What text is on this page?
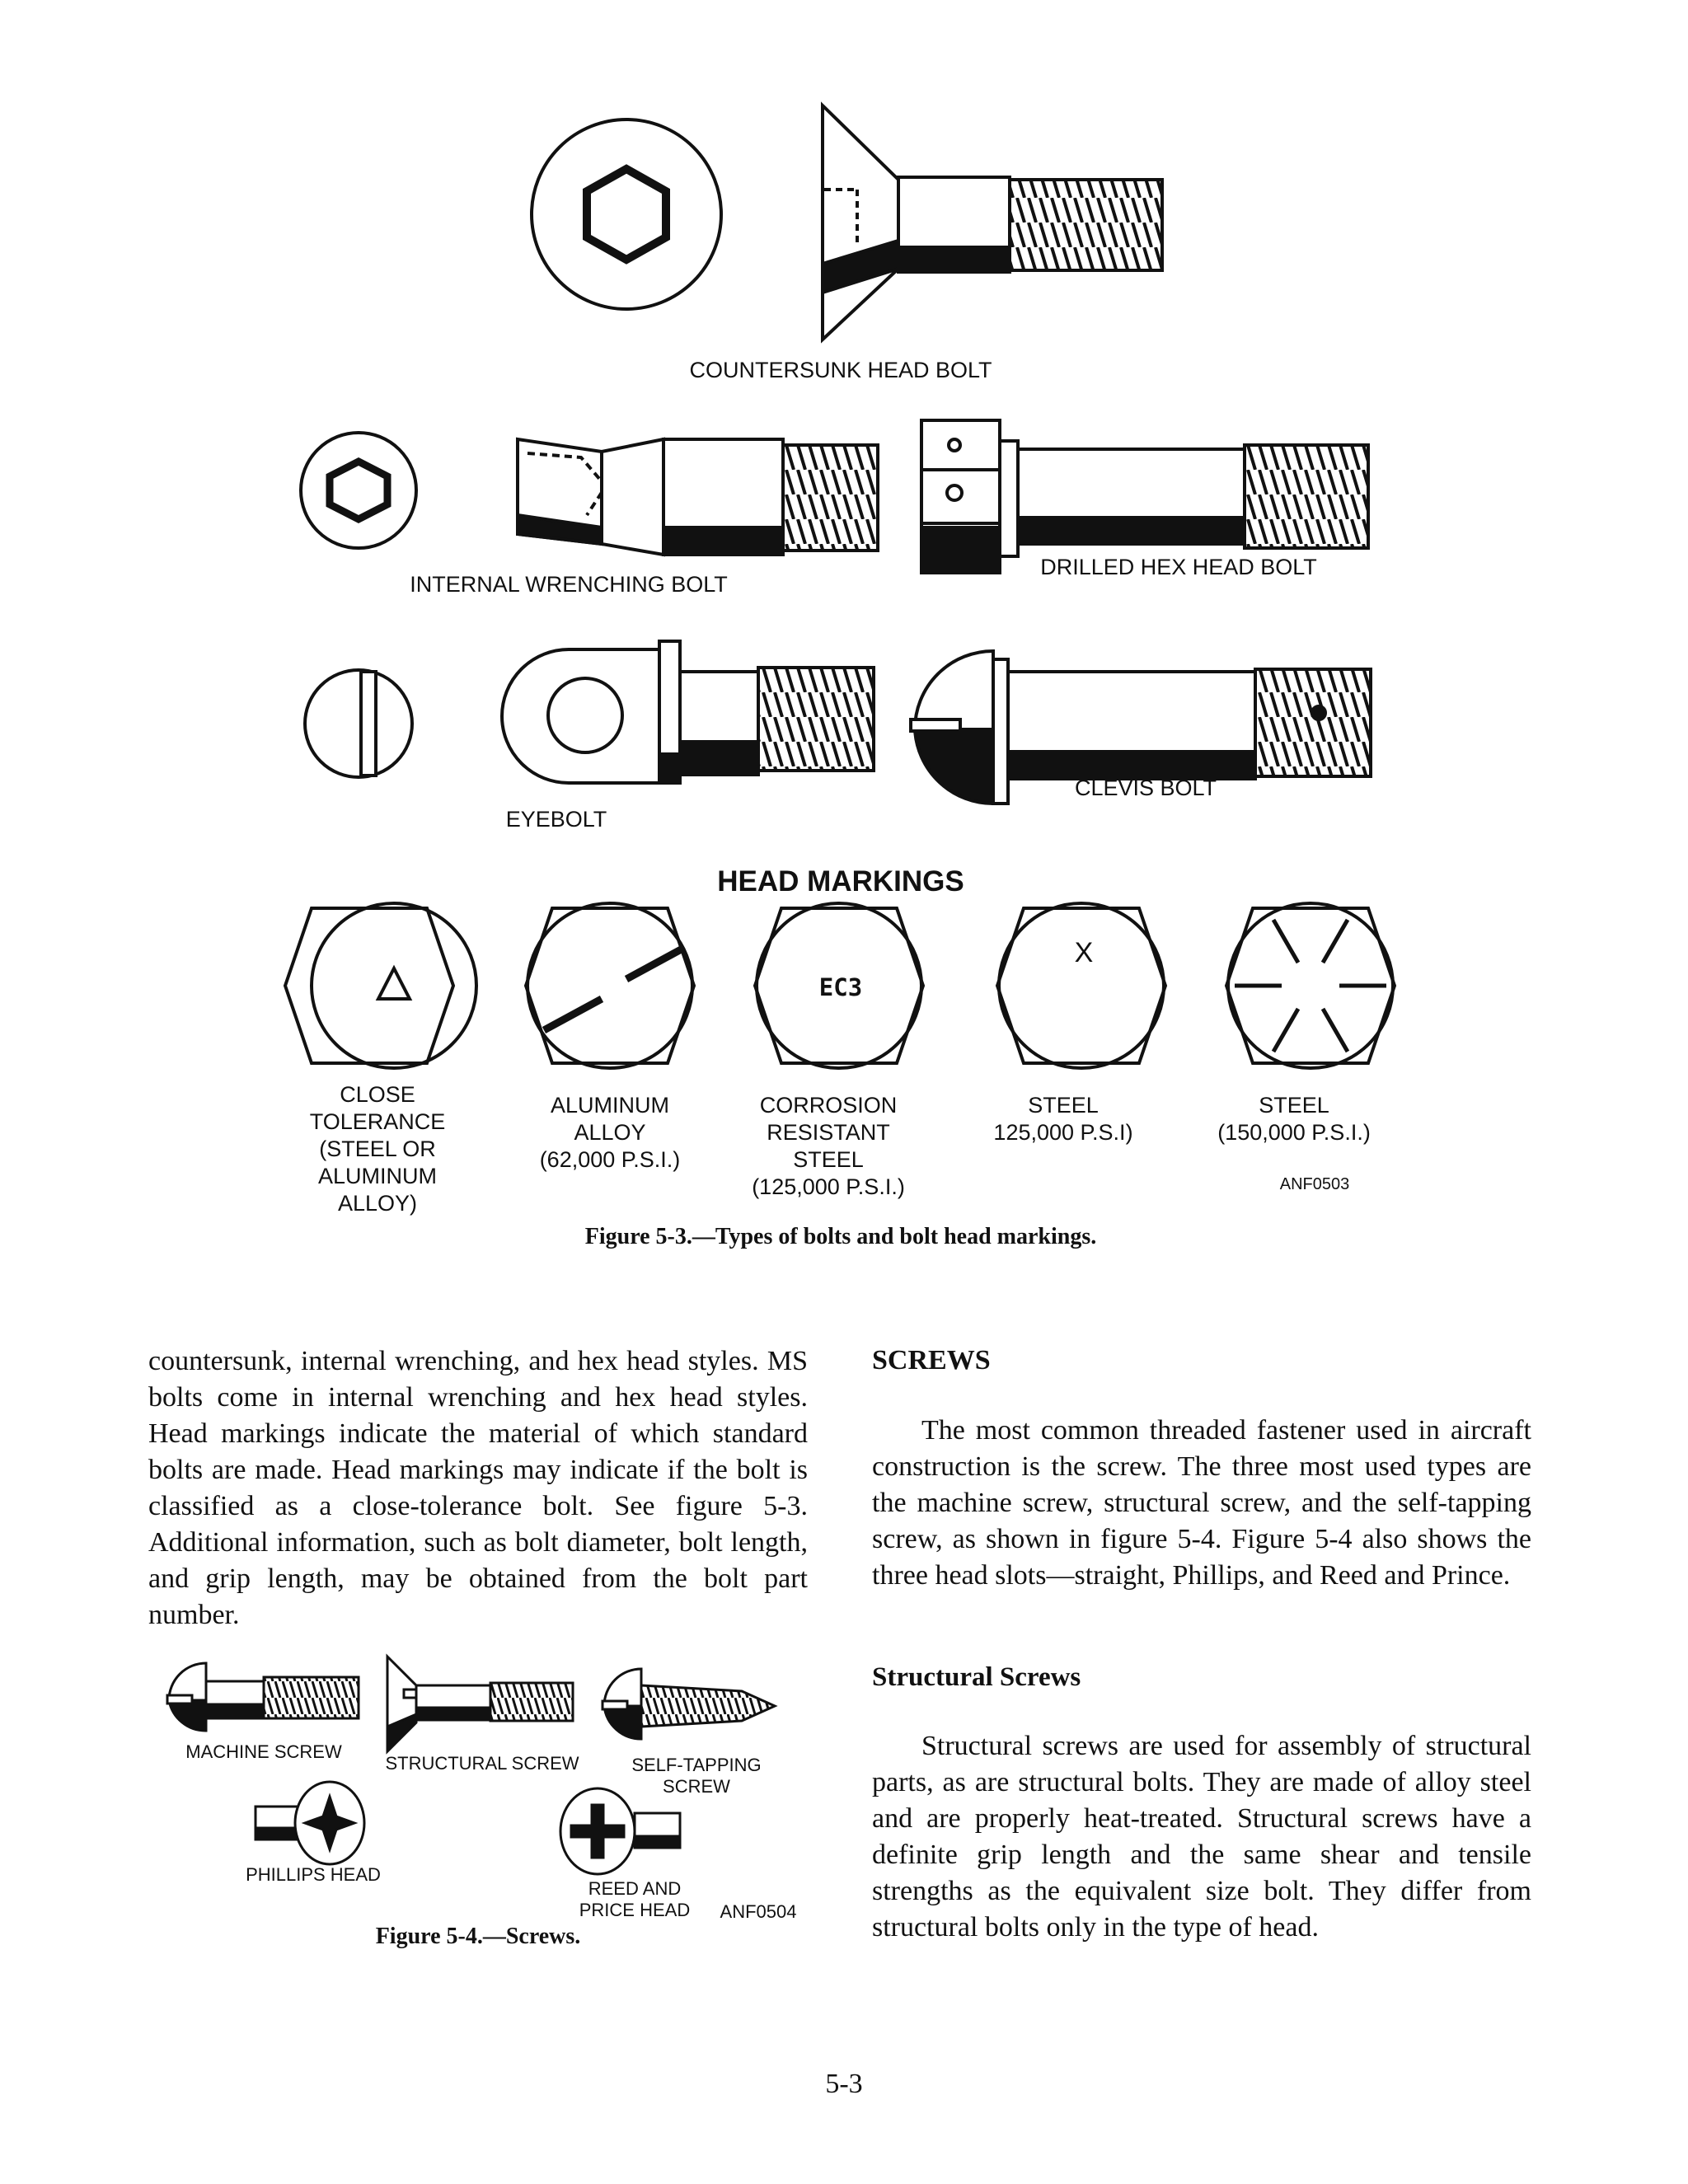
COUNTERSUNK HEAD BOLT
INTERNAL WRENCHING BOLT
DRILLED HEX HEAD BOLT
EYEBOLT
CLEVIS BOLT
HEAD MARKINGS
EC3
X
CLOSE
TOLERANCE
(STEEL OR
ALUMINUM
ALLOY)
ALUMINUM
ALLOY
(62,000 P.S.I.)
CORROSION
RESISTANT
STEEL
(125,000 P.S.I.)
STEEL
125,000 P.S.I)
STEEL
(150,000 P.S.I.)
ANF0503
Figure 5-3.—Types of bolts and bolt head markings.

countersunk, internal wrenching, and hex head styles. MS bolts come in internal wrenching and hex head styles. Head markings indicate the material of which standard bolts are made. Head markings may indicate if the bolt is classified as a close-tolerance bolt. See figure 5-3. Additional information, such as bolt diameter, bolt length, and grip length, may be obtained from the bolt part number.

MACHINE SCREW
STRUCTURAL SCREW	SELF-TAPPING
SCREW
PHILLIPS HEAD
REED AND
PRICE HEAD	ANF0504
Figure 5-4.—Screws.
SCREWS

The most common threaded fastener used in aircraft construction is the screw. The three most used types are the machine screw, structural screw, and the self-tapping screw, as shown in figure 5-4. Figure 5-4 also shows the three head slots—straight, Phillips, and Reed and Prince.

Structural Screws

Structural screws are used for assembly of structural parts, as are structural bolts. They are made of alloy steel and are properly heat-treated. Structural screws have a definite grip length and the same shear and tensile strengths as the equivalent size bolt. They differ from structural bolts only in the type of head.

5-3
